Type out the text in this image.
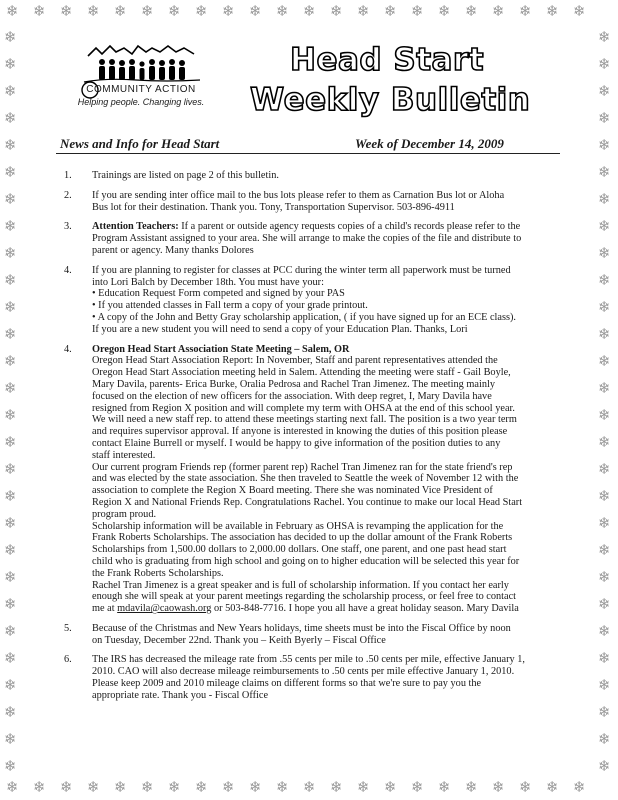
❄
❄
❄
❄
❄
❄
❄
❄
❄
❄
❄
❄
❄
❄
❄
❄
❄
❄
❄
❄
❄
❄
❄
❄
❄
❄
❄
❄
❄
❄
❄
❄
❄
❄
❄
❄
❄
❄
❄
❄
❄
❄
❄
❄
❄	❄
❄	❄
❄	❄
❄	❄
❄	❄
❄	❄
❄	❄
❄	❄
❄	❄
❄	❄
❄	❄
❄	❄
❄	❄
❄	❄
❄	❄
❄	❄
❄	❄
❄	❄
❄	❄
❄	❄
❄	❄
❄	❄
❄	❄
❄	❄
❄	❄
❄	❄
❄	❄
❄	❄
COMMUNITY ACTION
Helping people. Changing lives.
Head Start
Weekly Bulletin
News and Info for Head Start	Week of December 14, 2009
1.	Trainings are listed on page 2 of this bulletin.
2.	If you are sending inter office mail to the bus lots please refer to them as Carnation Bus lot or Aloha
Bus lot for their destination. Thank you. Tony, Transportation Supervisor. 503-896-4911
3.	Attention Teachers: If a parent or outside agency requests copies of a child's records please refer to the
Program Assistant assigned to your area. She will arrange to make the copies of the file and distribute to
parent or agency. Many thanks Dolores
4.	If you are planning to register for classes at PCC during the winter term all paperwork must be turned
into Lori Balch by December 18th. You must have your:
• Education Request Form competed and signed by your PAS
• If you attended classes in Fall term a copy of your grade printout.
• A copy of the John and Betty Gray scholarship application, ( if you have signed up for an ECE class).
If you are a new student you will need to send a copy of your Education Plan. Thanks, Lori
4.	Oregon Head Start Association State Meeting – Salem, OR
Oregon Head Start Association Report: In November, Staff and parent representatives attended the
Oregon Head Start Association meeting held in Salem. Attending the meeting were staff - Gail Boyle,
Mary Davila, parents- Erica Burke, Oralia Pedrosa and Rachel Tran Jimenez. The meeting mainly
focused on the election of new officers for the association. With deep regret, I, Mary Davila have
resigned from Region X position and will complete my term with OHSA at the end of this school year.
We will need a new staff rep. to attend these meetings starting next fall. The position is a two year term
and requires supervisor approval. If anyone is interested in knowing the duties of this position please
contact Elaine Burrell or myself. I would be happy to give information of the position duties to any
staff interested.
Our current program Friends rep (former parent rep) Rachel Tran Jimenez ran for the state friend's rep
and was elected by the state association. She then traveled to Seattle the week of November 12 with the
association to complete the Region X Board meeting. There she was nominated Vice President of
Region X and National Friends Rep. Congratulations Rachel. You continue to make our local Head Start
program proud.
Scholarship information will be available in February as OHSA is revamping the application for the
Frank Roberts Scholarships. The association has decided to up the dollar amount of the Frank Roberts
Scholarships from 1,500.00 dollars to 2,000.00 dollars. One staff, one parent, and one past head start
child who is graduating from high school and going on to higher education will be selected this year for
the Frank Roberts Scholarships.
Rachel Tran Jimenez is a great speaker and is full of scholarship information. If you contact her early
enough she will speak at your parent meetings regarding the scholarship process, or feel free to contact
me at mdavila@caowash.org or 503-848-7716. I hope you all have a great holiday season. Mary Davila
5.	Because of the Christmas and New Years holidays, time sheets must be into the Fiscal Office by noon
on Tuesday, December 22nd. Thank you – Keith Byerly – Fiscal Office
6.	The IRS has decreased the mileage rate from .55 cents per mile to .50 cents per mile, effective January 1,
2010. CAO will also decrease mileage reimbursements to .50 cents per mile effective January 1, 2010.
Please keep 2009 and 2010 mileage claims on different forms so that we're sure to pay you the
appropriate rate. Thank you - Fiscal Office
